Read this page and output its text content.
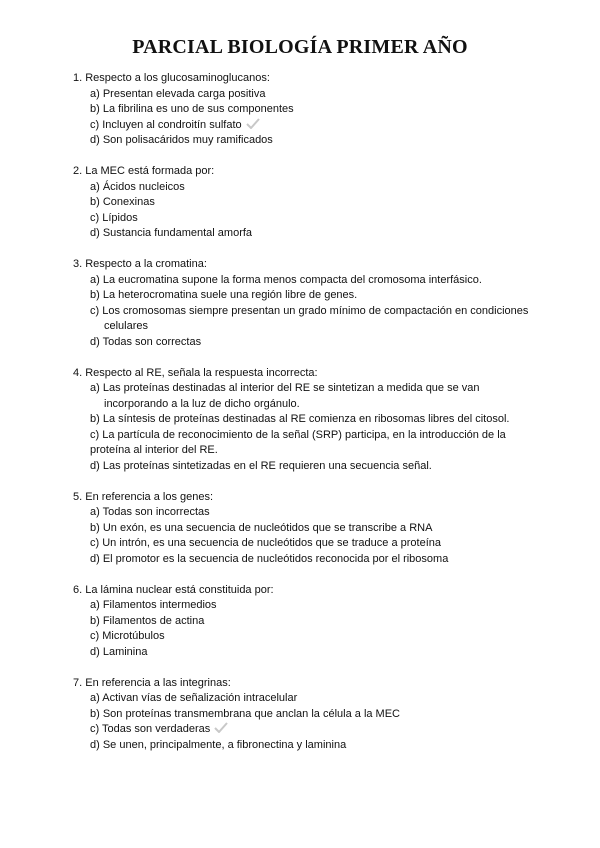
PARCIAL BIOLOGÍA PRIMER AÑO
1. Respecto a los glucosaminoglucanos:
a) Presentan elevada carga positiva
b) La fibrilina es uno de sus componentes
c) Incluyen al condroitín sulfato
d) Son polisacáridos muy ramificados
2. La MEC está formada por:
a) Ácidos nucleicos
b) Conexinas
c) Lípidos
d) Sustancia fundamental amorfa
3. Respecto a la cromatina:
a) La eucromatina supone la forma menos compacta del cromosoma interfásico.
b) La heterocromatina suele una región libre de genes.
c) Los cromosomas siempre presentan un grado mínimo de compactación en condiciones celulares
d) Todas son correctas
4. Respecto al RE, señala la respuesta incorrecta:
a) Las proteínas destinadas al interior del RE se sintetizan a medida que se van incorporando a la luz de dicho orgánulo.
b) La síntesis de proteínas destinadas al RE comienza en ribosomas libres del citosol.
c) La partícula de reconocimiento de la señal (SRP) participa, en la introducción de la proteína al interior del RE.
d) Las proteínas sintetizadas en el RE requieren una secuencia señal.
5. En referencia a los genes:
a) Todas son incorrectas
b) Un exón, es una secuencia de nucleótidos que se transcribe a RNA
c) Un intrón, es una secuencia de nucleótidos que se traduce a proteína
d) El promotor es la secuencia de nucleótidos reconocida por el ribosoma
6. La lámina nuclear está constituida por:
a) Filamentos intermedios
b) Filamentos de actina
c) Microtúbulos
d) Laminina
7. En referencia a las integrinas:
a) Activan vías de señalización intracelular
b) Son proteínas transmembrana que anclan la célula a la MEC
c) Todas son verdaderas
d) Se unen, principalmente, a fibronectina y laminina
